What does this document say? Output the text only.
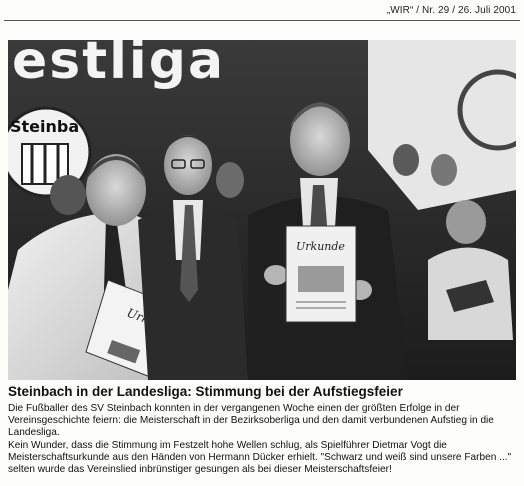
„WIR“ / Nr. 29 / 26. Juli 2001
estliga
Steinba
Urkunde
Steinbach in der Landesliga: Stimmung bei der Aufstiegsfeier

Die Fußballer des SV Steinbach konnten in der vergangenen Woche einen der größten Erfolge in der Vereinsgeschichte feiern: die Meisterschaft in der Bezirksoberliga und den damit verbundenen Aufstieg in die Landesliga.

Kein Wunder, dass die Stimmung im Festzelt hohe Wellen schlug, als Spielführer Dietmar Vogt die Meisterschaftsurkunde aus den Händen von Hermann Dücker erhielt. "Schwarz und weiß sind unsere Farben ..." selten wurde das Vereinslied inbrünstiger gesungen als bei dieser Meisterschaftsfeier!
